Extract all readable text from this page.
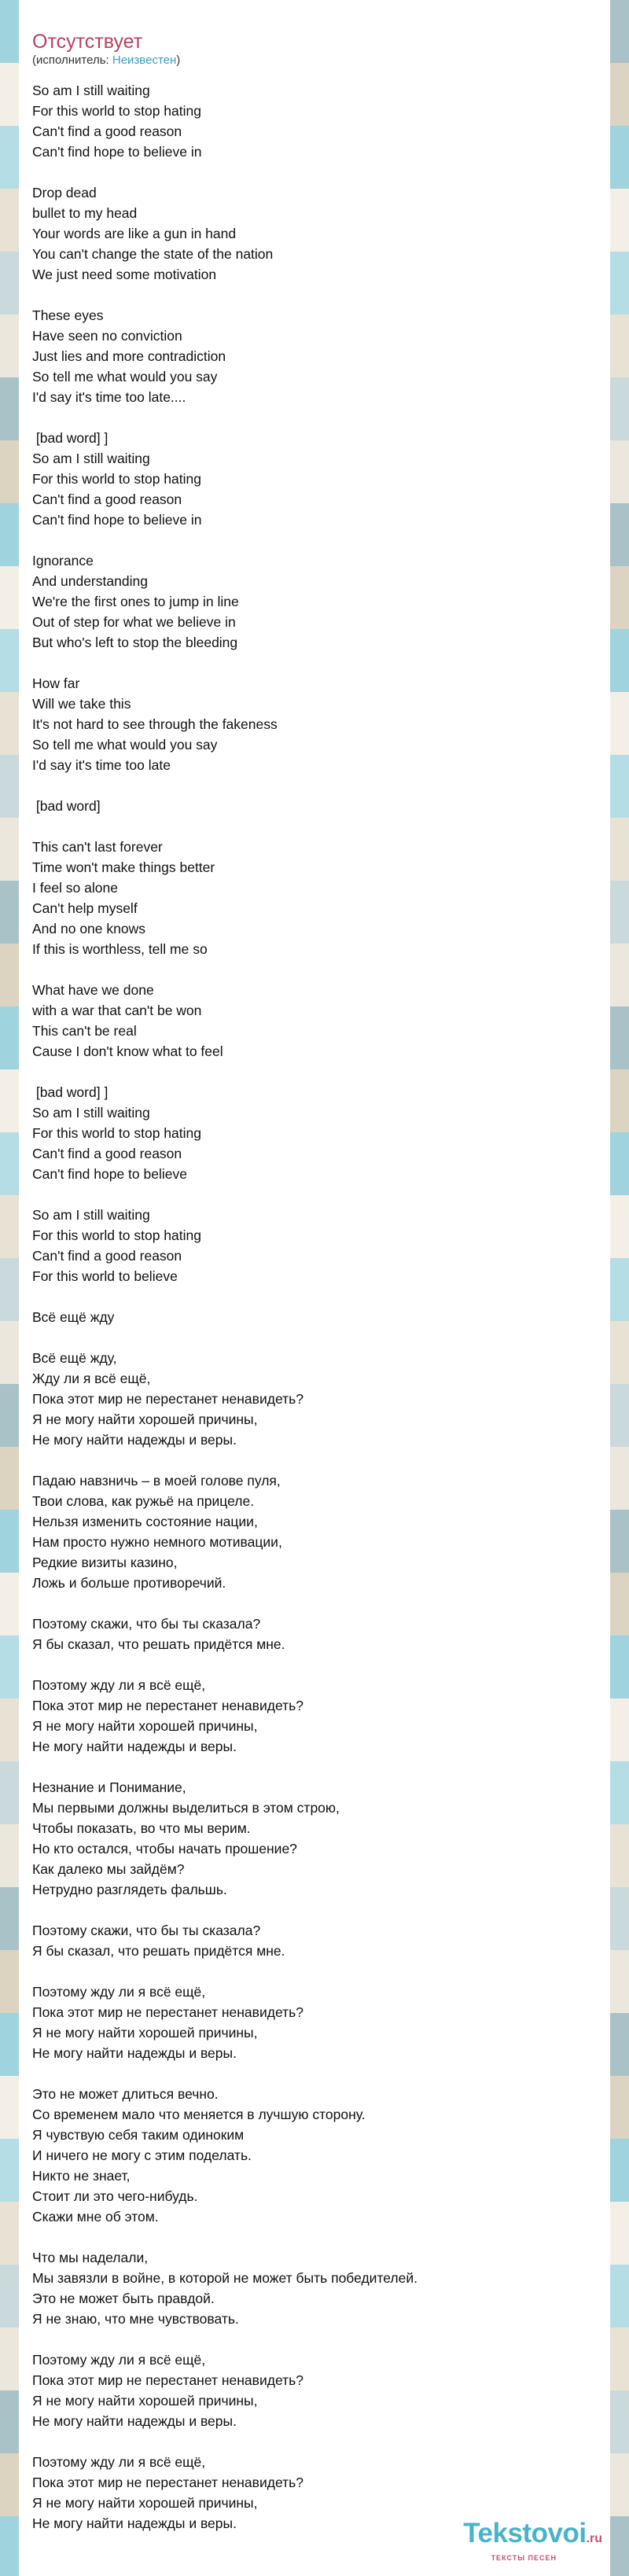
Отсутствует
(исполнитель: Неизвестен)
So am I still waiting
For this world to stop hating
Can't find a good reason
Can't find hope to believe in
Drop dead
bullet to my head
Your words are like a gun in hand
You can't change the state of the nation
We just need some motivation
These eyes
Have seen no conviction
Just lies and more contradiction
So tell me what would you say
I'd say it's time too late....
[bad word] ]
So am I still waiting
For this world to stop hating
Can't find a good reason
Can't find hope to believe in
Ignorance
And understanding
We're the first ones to jump in line
Out of step for what we believe in
But who's left to stop the bleeding
How far
Will we take this
It's not hard to see through the fakeness
So tell me what would you say
I'd say it's time too late
[bad word]
This can't last forever
Time won't make things better
I feel so alone
Can't help myself
And no one knows
If this is worthless, tell me so
What have we done
with a war that can't be won
This can't be real
Cause I don't know what to feel
[bad word] ]
So am I still waiting
For this world to stop hating
Can't find a good reason
Can't find hope to believe
So am I still waiting
For this world to stop hating
Can't find a good reason
For this world to believe
Всё ещё жду
Всё ещё жду,
Жду ли я всё ещё,
Пока этот мир не перестанет ненавидеть?
Я не могу найти хорошей причины,
Не могу найти надежды и веры.
Падаю навзничь – в моей голове пуля,
Твои слова, как ружьё на прицеле.
Нельзя изменить состояние нации,
Нам просто нужно немного мотивации,
Редкие визиты казино,
Ложь и больше противоречий.
Поэтому скажи, что бы ты сказала?
Я бы сказал, что решать придётся мне.
Поэтому жду ли я всё ещё,
Пока этот мир не перестанет ненавидеть?
Я не могу найти хорошей причины,
Не могу найти надежды и веры.
Незнание и Понимание,
Мы первыми должны выделиться в этом строю,
Чтобы показать, во что мы верим.
Но кто остался, чтобы начать прошение?
Как далеко мы зайдём?
Нетрудно разглядеть фальшь.
Поэтому скажи, что бы ты сказала?
Я бы сказал, что решать придётся мне.
Поэтому жду ли я всё ещё,
Пока этот мир не перестанет ненавидеть?
Я не могу найти хорошей причины,
Не могу найти надежды и веры.
Это не может длиться вечно.
Со временем мало что меняется в лучшую сторону.
Я чувствую себя таким одиноким
И ничего не могу с этим поделать.
Никто не знает,
Стоит ли это чего-нибудь.
Скажи мне об этом.
Что мы наделали,
Мы завязли в войне, в которой не может быть победителей.
Это не может быть правдой.
Я не знаю, что мне чувствовать.
Поэтому жду ли я всё ещё,
Пока этот мир не перестанет ненавидеть?
Я не могу найти хорошей причины,
Не могу найти надежды и веры.
Поэтому жду ли я всё ещё,
Пока этот мир не перестанет ненавидеть?
Я не могу найти хорошей причины,
Не могу найти надежды и веры.	Tekstovoi.ru
ТЕКСТЫ ПЕСЕН
